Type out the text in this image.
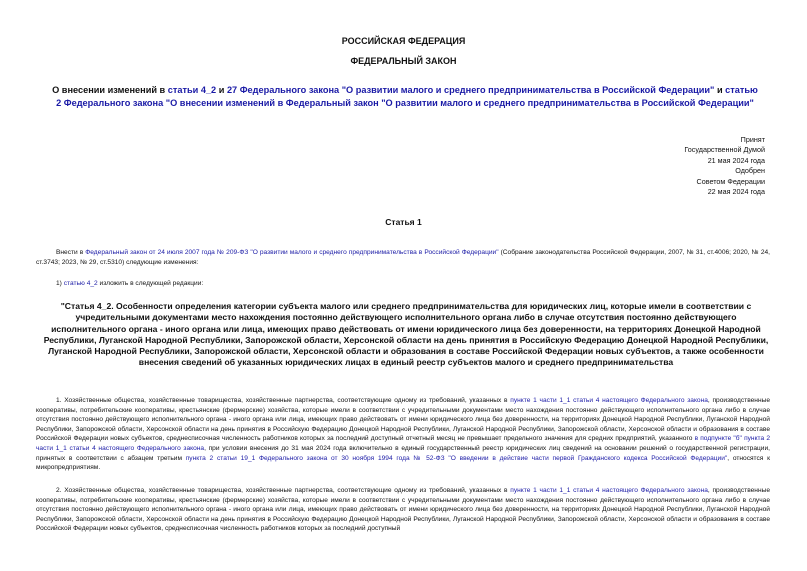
РОССИЙСКАЯ ФЕДЕРАЦИЯ
ФЕДЕРАЛЬНЫЙ ЗАКОН
О внесении изменений в статьи 4_2 и 27 Федерального закона "О развитии малого и среднего предпринимательства в Российской Федерации" и статью 2 Федерального закона "О внесении изменений в Федеральный закон "О развитии малого и среднего предпринимательства в Российской Федерации"
Принят
Государственной Думой
21 мая 2024 года
Одобрен
Советом Федерации
22 мая 2024 года
Статья 1
Внести в Федеральный закон от 24 июля 2007 года № 209-ФЗ "О развитии малого и среднего предпринимательства в Российской Федерации" (Собрание законодательства Российской Федерации, 2007, № 31, ст.4006; 2020, № 24, ст.3743; 2023, № 29, ст.5310) следующие изменения:
1) статью 4_2 изложить в следующей редакции:
"Статья 4_2. Особенности определения категории субъекта малого или среднего предпринимательства для юридических лиц, которые имели в соответствии с учредительными документами место нахождения постоянно действующего исполнительного органа либо в случае отсутствия постоянно действующего исполнительного органа - иного органа или лица, имеющих право действовать от имени юридического лица без доверенности, на территориях Донецкой Народной Республики, Луганской Народной Республики, Запорожской области, Херсонской области на день принятия в Российскую Федерацию Донецкой Народной Республики, Луганской Народной Республики, Запорожской области, Херсонской области и образования в составе Российской Федерации новых субъектов, а также особенности внесения сведений об указанных юридических лицах в единый реестр субъектов малого и среднего предпринимательства
1. Хозяйственные общества, хозяйственные товарищества, хозяйственные партнерства, соответствующие одному из требований, указанных в пункте 1 части 1_1 статьи 4 настоящего Федерального закона, производственные кооперативы, потребительские кооперативы, крестьянские (фермерские) хозяйства, которые имели в соответствии с учредительными документами место нахождения постоянно действующего исполнительного органа либо в случае отсутствия постоянно действующего исполнительного органа - иного органа или лица, имеющих право действовать от имени юридического лица без доверенности, на территориях Донецкой Народной Республики, Луганской Народной Республики, Запорожской области, Херсонской области на день принятия в Российскую Федерацию Донецкой Народной Республики, Луганской Народной Республики, Запорожской области, Херсонской области и образования в составе Российской Федерации новых субъектов, среднесписочная численность работников которых за последний доступный отчетный месяц не превышает предельного значения для средних предприятий, указанного в подпункте "б" пункта 2 части 1_1 статьи 4 настоящего Федерального закона, при условии внесения до 31 мая 2024 года включительно в единый государственный реестр юридических лиц сведений на основании решений о государственной регистрации, принятых в соответствии с абзацем третьим пункта 2 статьи 19_1 Федерального закона от 30 ноября 1994 года № 52-ФЗ "О введении в действие части первой Гражданского кодекса Российской Федерации", относятся к микропредприятиям.
2. Хозяйственные общества, хозяйственные товарищества, хозяйственные партнерства, соответствующие одному из требований, указанных в пункте 1 части 1_1 статьи 4 настоящего Федерального закона, производственные кооперативы, потребительские кооперативы, крестьянские (фермерские) хозяйства, которые имели в соответствии с учредительными документами место нахождения постоянно действующего исполнительного органа либо в случае отсутствия постоянно действующего исполнительного органа - иного органа или лица, имеющих право действовать от имени юридического лица без доверенности, на территориях Донецкой Народной Республики, Луганской Народной Республики, Запорожской области, Херсонской области на день принятия в Российскую Федерацию Донецкой Народной Республики, Луганской Народной Республики, Запорожской области, Херсонской области и образования в составе Российской Федерации новых субъектов, среднесписочная численность работников которых за последний доступный
